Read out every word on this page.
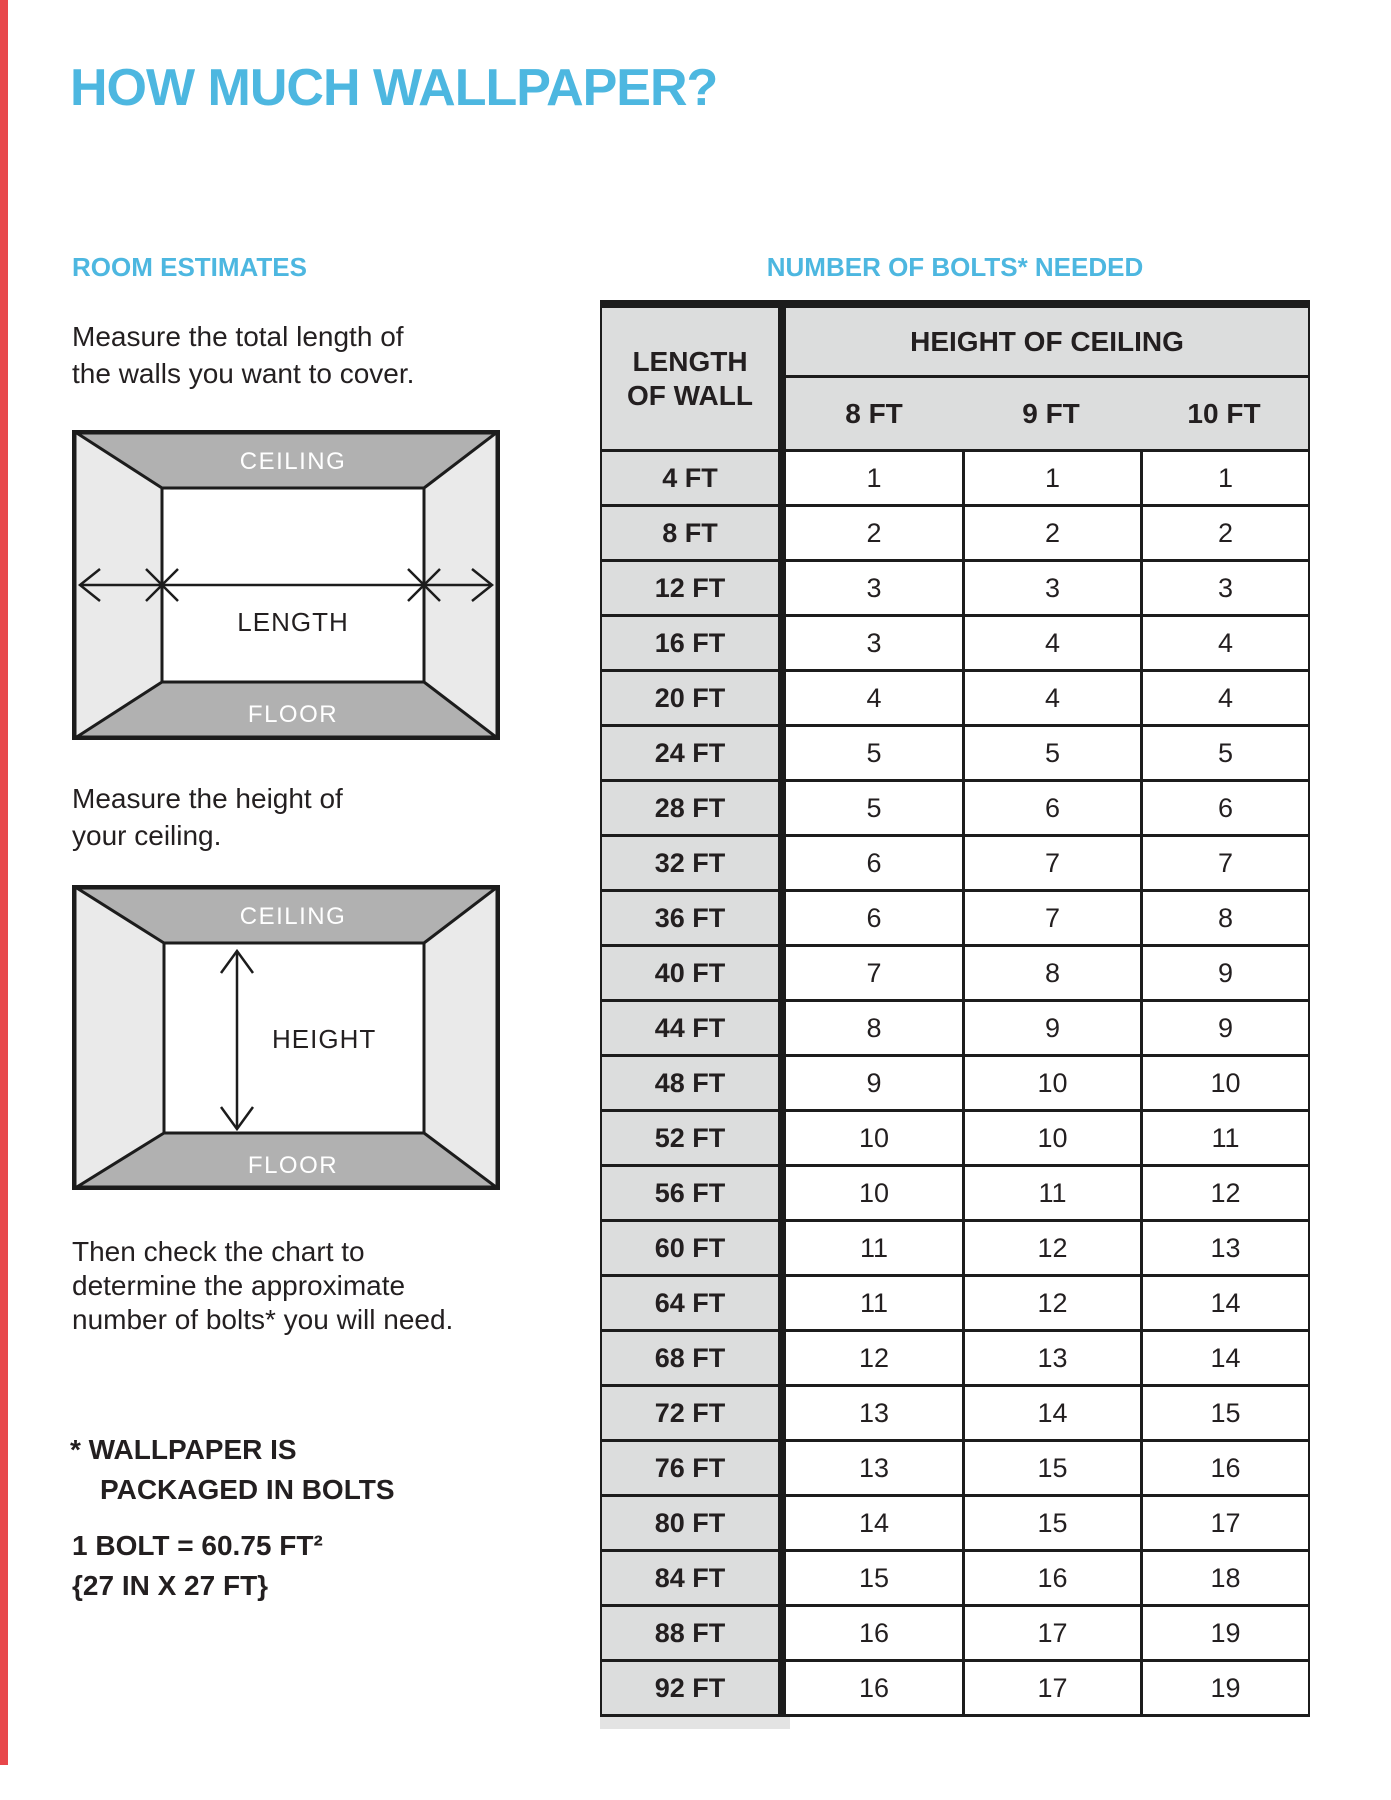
HOW MUCH WALLPAPER?
ROOM ESTIMATES

Measure the total length of
the walls you want to cover.

CEILING
FLOOR
LENGTH

Measure the height of
your ceiling.

CEILING
FLOOR
HEIGHT

Then check the chart to
determine the approximate
number of bolts* you will need.

* WALLPAPER IS
PACKAGED IN BOLTS

1 BOLT = 60.75 FT²
{27 IN X 27 FT}

NUMBER OF BOLTS* NEEDED
LENGTH
OF WALL
HEIGHT OF CEILING
8 FT	9 FT	10 FT
4 FT	1	1	1
8 FT	2	2	2
12 FT	3	3	3
16 FT	3	4	4
20 FT	4	4	4
24 FT	5	5	5
28 FT	5	6	6
32 FT	6	7	7
36 FT	6	7	8
40 FT	7	8	9
44 FT	8	9	9
48 FT	9	10	10
52 FT	10	10	11
56 FT	10	11	12
60 FT	11	12	13
64 FT	11	12	14
68 FT	12	13	14
72 FT	13	14	15
76 FT	13	15	16
80 FT	14	15	17
84 FT	15	16	18
88 FT	16	17	19
92 FT	16	17	19
